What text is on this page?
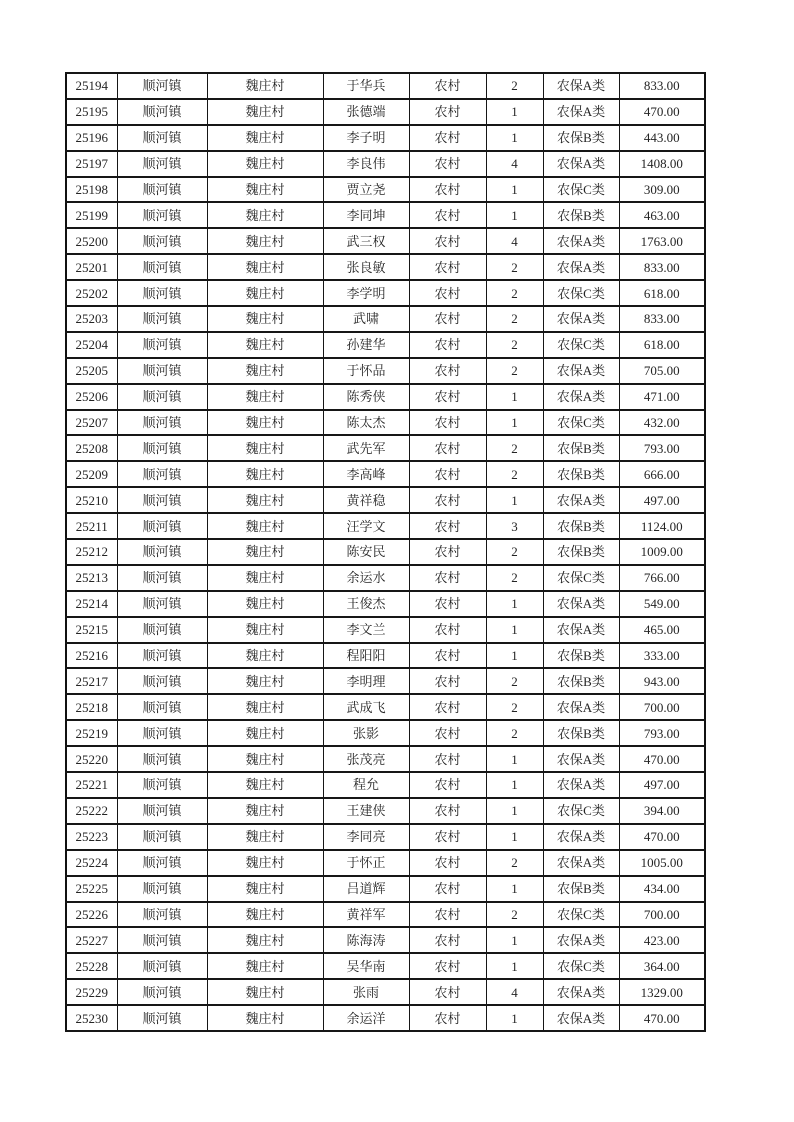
25194	顺河镇	魏庄村	于华兵	农村	2	农保A类	833.00
25195	顺河镇	魏庄村	张德端	农村	1	农保A类	470.00
25196	顺河镇	魏庄村	李子明	农村	1	农保B类	443.00
25197	顺河镇	魏庄村	李良伟	农村	4	农保A类	1408.00
25198	顺河镇	魏庄村	贾立尧	农村	1	农保C类	309.00
25199	顺河镇	魏庄村	李同坤	农村	1	农保B类	463.00
25200	顺河镇	魏庄村	武三权	农村	4	农保A类	1763.00
25201	顺河镇	魏庄村	张良敏	农村	2	农保A类	833.00
25202	顺河镇	魏庄村	李学明	农村	2	农保C类	618.00
25203	顺河镇	魏庄村	武啸	农村	2	农保A类	833.00
25204	顺河镇	魏庄村	孙建华	农村	2	农保C类	618.00
25205	顺河镇	魏庄村	于怀品	农村	2	农保A类	705.00
25206	顺河镇	魏庄村	陈秀侠	农村	1	农保A类	471.00
25207	顺河镇	魏庄村	陈太杰	农村	1	农保C类	432.00
25208	顺河镇	魏庄村	武先军	农村	2	农保B类	793.00
25209	顺河镇	魏庄村	李高峰	农村	2	农保B类	666.00
25210	顺河镇	魏庄村	黄祥稳	农村	1	农保A类	497.00
25211	顺河镇	魏庄村	汪学文	农村	3	农保B类	1124.00
25212	顺河镇	魏庄村	陈安民	农村	2	农保B类	1009.00
25213	顺河镇	魏庄村	余运水	农村	2	农保C类	766.00
25214	顺河镇	魏庄村	王俊杰	农村	1	农保A类	549.00
25215	顺河镇	魏庄村	李文兰	农村	1	农保A类	465.00
25216	顺河镇	魏庄村	程阳阳	农村	1	农保B类	333.00
25217	顺河镇	魏庄村	李明理	农村	2	农保B类	943.00
25218	顺河镇	魏庄村	武成飞	农村	2	农保A类	700.00
25219	顺河镇	魏庄村	张影	农村	2	农保B类	793.00
25220	顺河镇	魏庄村	张茂亮	农村	1	农保A类	470.00
25221	顺河镇	魏庄村	程允	农村	1	农保A类	497.00
25222	顺河镇	魏庄村	王建侠	农村	1	农保C类	394.00
25223	顺河镇	魏庄村	李同亮	农村	1	农保A类	470.00
25224	顺河镇	魏庄村	于怀正	农村	2	农保A类	1005.00
25225	顺河镇	魏庄村	吕道辉	农村	1	农保B类	434.00
25226	顺河镇	魏庄村	黄祥军	农村	2	农保C类	700.00
25227	顺河镇	魏庄村	陈海涛	农村	1	农保A类	423.00
25228	顺河镇	魏庄村	吴华南	农村	1	农保C类	364.00
25229	顺河镇	魏庄村	张雨	农村	4	农保A类	1329.00
25230	顺河镇	魏庄村	余运洋	农村	1	农保A类	470.00
